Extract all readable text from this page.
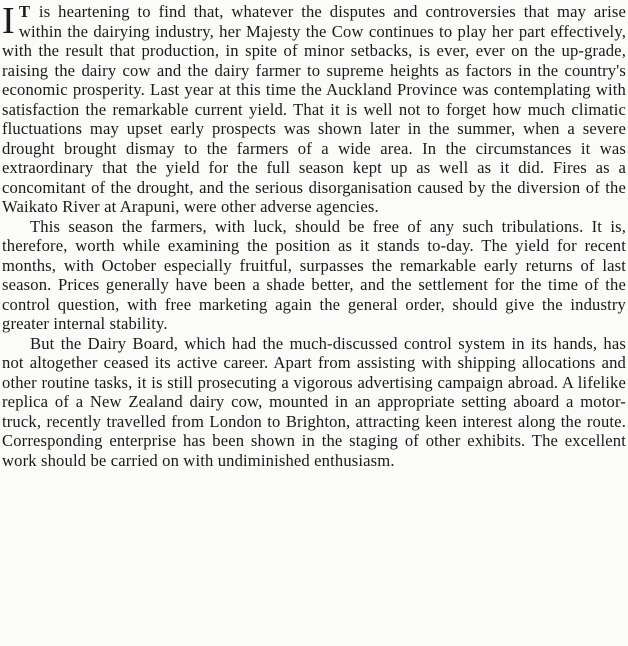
I T is heartening to find that, whatever the disputes and controversies that may arise within the dairying industry, her Majesty the Cow continues to play her part effectively, with the result that production, in spite of minor setbacks, is ever, ever on the up-grade, raising the dairy cow and the dairy farmer to supreme heights as factors in the country's economic prosperity. Last year at this time the Auckland Province was contemplating with satisfaction the remarkable current yield. That it is well not to forget how much climatic fluctuations may upset early prospects was shown later in the summer, when a severe drought brought dismay to the farmers of a wide area. In the circumstances it was extraordinary that the yield for the full season kept up as well as it did. Fires as a concomitant of the drought, and the serious disorganisation caused by the diversion of the Waikato River at Arapuni, were other adverse agencies.

This season the farmers, with luck, should be free of any such tribulations. It is, therefore, worth while examining the position as it stands to-day. The yield for recent months, with October especially fruitful, surpasses the remarkable early returns of last season. Prices generally have been a shade better, and the settlement for the time of the control question, with free marketing again the general order, should give the industry greater internal stability.

But the Dairy Board, which had the much-discussed control system in its hands, has not altogether ceased its active career. Apart from assisting with shipping allocations and other routine tasks, it is still prosecuting a vigorous advertising campaign abroad. A lifelike replica of a New Zealand dairy cow, mounted in an appropriate setting aboard a motor-truck, recently travelled from London to Brighton, attracting keen interest along the route. Corresponding enterprise has been shown in the staging of other exhibits. The excellent work should be carried on with undiminished enthusiasm.
